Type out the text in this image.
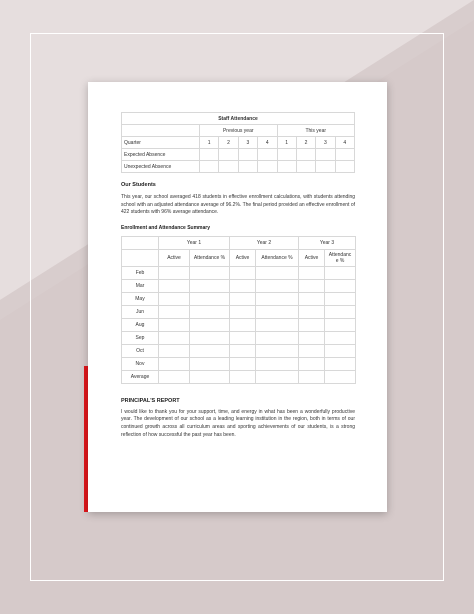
Staff Attendance								
	Previous year				This year			
Quarter	1	2	3	4	1	2	3	4
Expected Absence								
Unexpected Absence								
Our Students
This year, our school averaged 418 students in effective enrollment calculations, with students attending school with an adjusted attendance average of 96.2%. The final period provided an effective enrollment of 422 students with 96% average attendance.
Enrollment and Attendance Summary
	Year 1		Year 2		Year 3	
	Active	Attendance %	Active	Attendance %	Active	Attendanc e %
Feb						
Mar						
May						
Jun						
Aug						
Sep						
Oct						
Nov						
Average						
PRINCIPAL'S REPORT
I would like to thank you for your support, time, and energy in what has been a wonderfully productive year. The development of our school as a leading learning institution in the region, both in terms of our continued growth across all curriculum areas and sporting achievements of our students, is a strong reflection of how successful the past year has been.
